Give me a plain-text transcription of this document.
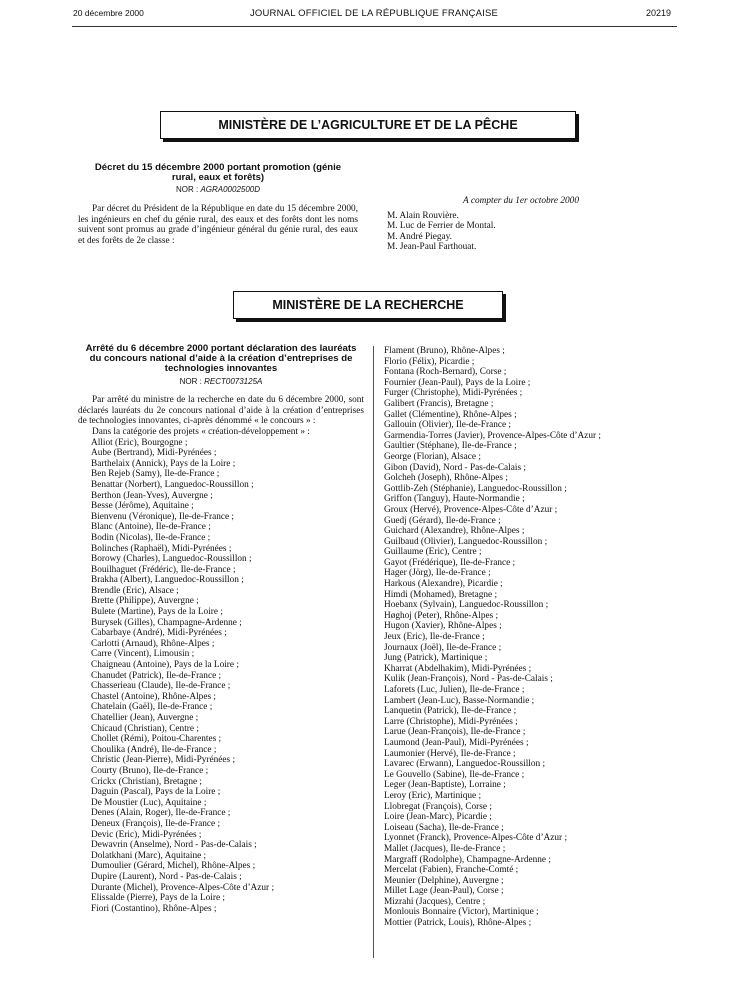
20 décembre 2000	JOURNAL OFFICIEL DE LA RÉPUBLIQUE FRANÇAISE	20219
MINISTÈRE DE L’AGRICULTURE ET DE LA PÊCHE

Décret du 15 décembre 2000 portant promotion (génie rural, eaux et forêts)

NOR : AGRA0002500D

Par décret du Président de la République en date du 15 décembre 2000, les ingénieurs en chef du génie rural, des eaux et des forêts dont les noms suivent sont promus au grade d’ingénieur général du génie rural, des eaux et des forêts de 2e classe :

A compter du 1er octobre 2000

M. Alain Rouvière.

M. Luc de Ferrier de Montal.

M. André Piegay.

M. Jean-Paul Farthouat.

MINISTÈRE DE LA RECHERCHE

Arrêté du 6 décembre 2000 portant déclaration des lauréats du concours national d’aide à la création d’entreprises de technologies innovantes

NOR : RECT0073125A

Par arrêté du ministre de la recherche en date du 6 décembre 2000, sont déclarés lauréats du 2e concours national d’aide à la création d’entreprises de technologies innovantes, ci-après dénommé « le concours » :

Dans la catégorie des projets « création-développement » :

Alliot (Eric), Bourgogne ;

Aube (Bertrand), Midi-Pyrénées ;

Barthelaix (Annick), Pays de la Loire ;

Ben Rejeb (Samy), Ile-de-France ;

Benattar (Norbert), Languedoc-Roussillon ;

Berthon (Jean-Yves), Auvergne ;

Besse (Jérôme), Aquitaine ;

Bienvenu (Véronique), Ile-de-France ;

Blanc (Antoine), Ile-de-France ;

Bodin (Nicolas), Ile-de-France ;

Bolinches (Raphaël), Midi-Pyrénées ;

Borowy (Charles), Languedoc-Roussillon ;

Bouilhaguet (Frédéric), Ile-de-France ;

Brakha (Albert), Languedoc-Roussillon ;

Brendle (Eric), Alsace ;

Brette (Philippe), Auvergne ;

Bulete (Martine), Pays de la Loire ;

Burysek (Gilles), Champagne-Ardenne ;

Cabarbaye (André), Midi-Pyrénées ;

Carlotti (Arnaud), Rhône-Alpes ;

Carre (Vincent), Limousin ;

Chaigneau (Antoine), Pays de la Loire ;

Chanudet (Patrick), Ile-de-France ;

Chasserieau (Claude), Ile-de-France ;

Chastel (Antoine), Rhône-Alpes ;

Chatelain (Gaël), Ile-de-France ;

Chatellier (Jean), Auvergne ;

Chicaud (Christian), Centre ;

Chollet (Rémi), Poitou-Charentes ;

Choulika (André), Ile-de-France ;

Christic (Jean-Pierre), Midi-Pyrénées ;

Courty (Bruno), Ile-de-France ;

Crickx (Christian), Bretagne ;

Daguin (Pascal), Pays de la Loire ;

De Moustier (Luc), Aquitaine ;

Denes (Alain, Roger), Ile-de-France ;

Deneux (François), Ile-de-France ;

Devic (Eric), Midi-Pyrénées ;

Dewavrin (Anselme), Nord - Pas-de-Calais ;

Dolatkhani (Marc), Aquitaine ;

Dumoulier (Gérard, Michel), Rhône-Alpes ;

Dupire (Laurent), Nord - Pas-de-Calais ;

Durante (Michel), Provence-Alpes-Côte d’Azur ;

Elissalde (Pierre), Pays de la Loire ;

Fiori (Costantino), Rhône-Alpes ;

Flament (Bruno), Rhône-Alpes ;

Florio (Félix), Picardie ;

Fontana (Roch-Bernard), Corse ;

Fournier (Jean-Paul), Pays de la Loire ;

Furger (Christophe), Midi-Pyrénées ;

Galibert (Francis), Bretagne ;

Gallet (Clémentine), Rhône-Alpes ;

Gallouin (Olivier), Ile-de-France ;

Garmendia-Torres (Javier), Provence-Alpes-Côte d’Azur ;

Gaultier (Stéphane), Ile-de-France ;

George (Florian), Alsace ;

Gibon (David), Nord - Pas-de-Calais ;

Golcheh (Joseph), Rhône-Alpes ;

Gottlib-Zeh (Stéphanie), Languedoc-Roussillon ;

Griffon (Tanguy), Haute-Normandie ;

Groux (Hervé), Provence-Alpes-Côte d’Azur ;

Guedj (Gérard), Ile-de-France ;

Guichard (Alexandre), Rhône-Alpes ;

Guilbaud (Olivier), Languedoc-Roussillon ;

Guillaume (Eric), Centre ;

Gayot (Frédérique), Ile-de-France ;

Hager (Jörg), Ile-de-France ;

Harkous (Alexandre), Picardie ;

Himdi (Mohamed), Bretagne ;

Hoebanx (Sylvain), Languedoc-Roussillon ;

Høghoj (Peter), Rhône-Alpes ;

Hugon (Xavier), Rhône-Alpes ;

Jeux (Eric), Ile-de-France ;

Journaux (Joël), Ile-de-France ;

Jung (Patrick), Martinique ;

Kharrat (Abdelhakim), Midi-Pyrénées ;

Kulik (Jean-François), Nord - Pas-de-Calais ;

Laforets (Luc, Julien), Ile-de-France ;

Lambert (Jean-Luc), Basse-Normandie ;

Lanquetin (Patrick), Ile-de-France ;

Larre (Christophe), Midi-Pyrénées ;

Larue (Jean-François), Ile-de-France ;

Laumond (Jean-Paul), Midi-Pyrénées ;

Laumonier (Hervé), Ile-de-France ;

Lavarec (Erwann), Languedoc-Roussillon ;

Le Gouvello (Sabine), Ile-de-France ;

Leger (Jean-Baptiste), Lorraine ;

Leroy (Eric), Martinique ;

Llobregat (François), Corse ;

Loire (Jean-Marc), Picardie ;

Loiseau (Sacha), Ile-de-France ;

Lyonnet (Franck), Provence-Alpes-Côte d’Azur ;

Mallet (Jacques), Ile-de-France ;

Margraff (Rodolphe), Champagne-Ardenne ;

Mercelat (Fabien), Franche-Comté ;

Meunier (Delphine), Auvergne ;

Millet Lage (Jean-Paul), Corse ;

Mizrahi (Jacques), Centre ;

Monlouis Bonnaire (Victor), Martinique ;

Mottier (Patrick, Louis), Rhône-Alpes ;
